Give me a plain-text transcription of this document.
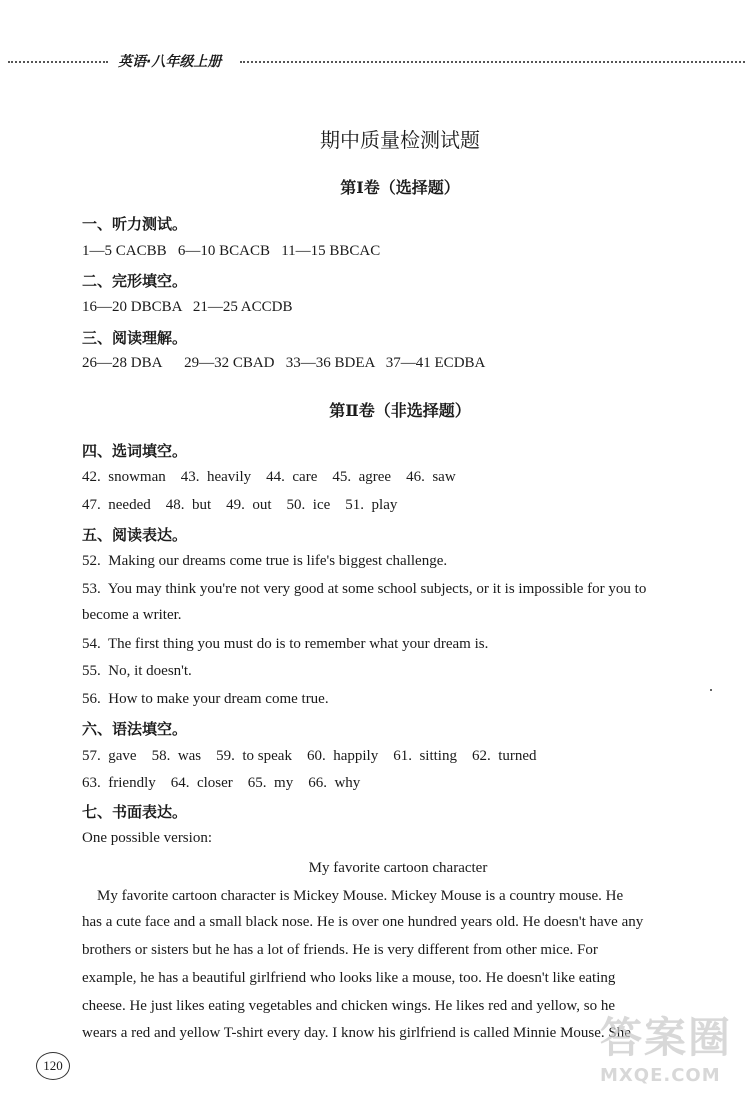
英语·八年级上册
期中质量检测试题
第Ⅰ卷（选择题）
一、听力测试。
1—5 CACBB   6—10 BCACB   11—15 BBCAC
二、完形填空。
16—20 DBCBA   21—25 ACCDB
三、阅读理解。
26—28 DBA      29—32 CBAD   33—36 BDEA   37—41 ECDBA
第Ⅱ卷（非选择题）
四、选词填空。
42.  snowman    43.  heavily    44.  care    45.  agree    46.  saw
47.  needed    48.  but    49.  out    50.  ice    51.  play
五、阅读表达。
52.  Making our dreams come true is life's biggest challenge.
53.  You may think you're not very good at some school subjects, or it is impossible for you to
become a writer.
54.  The first thing you must do is to remember what your dream is.
55.  No, it doesn't.
56.  How to make your dream come true.
六、语法填空。
57.  gave    58.  was    59.  to speak    60.  happily    61.  sitting    62.  turned
63.  friendly    64.  closer    65.  my    66.  why
七、书面表达。
One possible version:
My favorite cartoon character
My favorite cartoon character is Mickey Mouse. Mickey Mouse is a country mouse. He
has a cute face and a small black nose. He is over one hundred years old. He doesn't have any
brothers or sisters but he has a lot of friends. He is very different from other mice. For
example, he has a beautiful girlfriend who looks like a mouse, too. He doesn't like eating
cheese. He just likes eating vegetables and chicken wings. He likes red and yellow, so he
wears a red and yellow T-shirt every day. I know his girlfriend is called Minnie Mouse. She
120
答案圈
MXQE.COM
